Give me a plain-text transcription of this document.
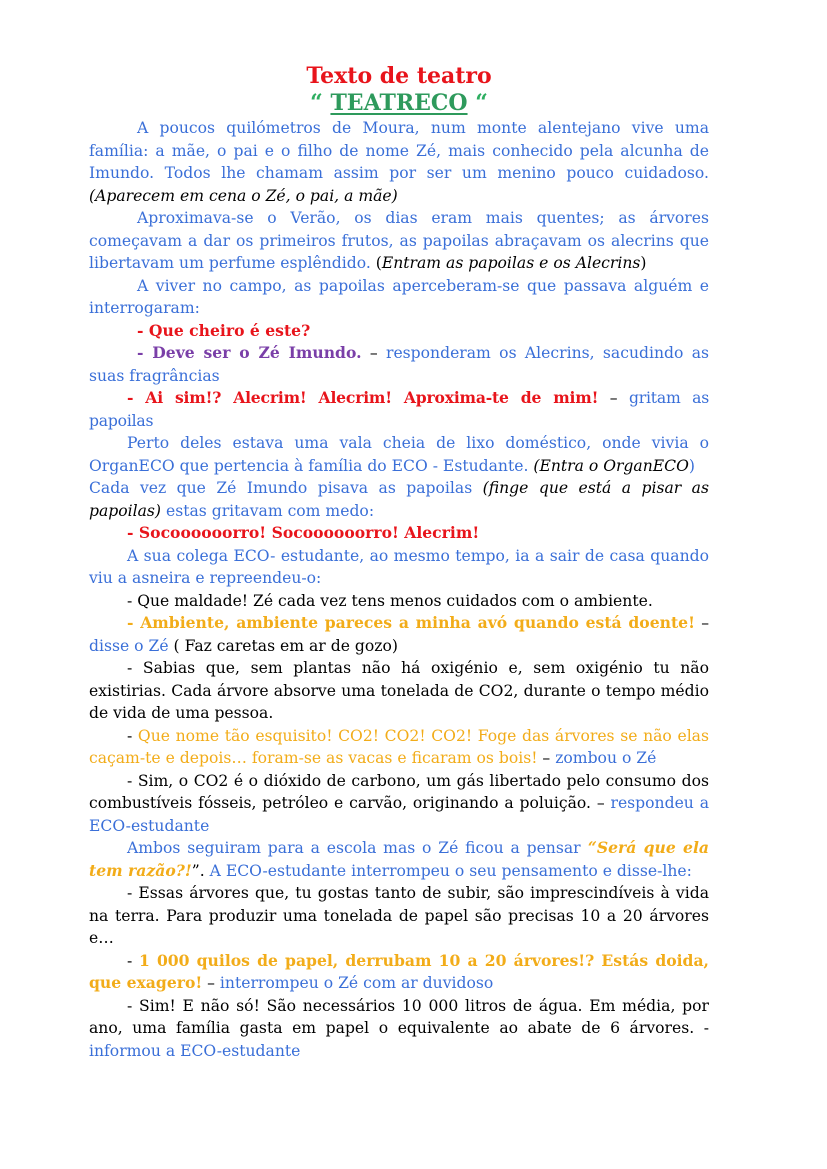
Texto de teatro
“ TEATRECO “

A poucos quilómetros de Moura, num monte alentejano vive uma família: a mãe, o pai e o filho de nome Zé, mais conhecido pela alcunha de Imundo. Todos lhe chamam assim por ser um menino pouco cuidadoso. (Aparecem em cena o Zé, o pai, a mãe)

Aproximava-se o Verão, os dias eram mais quentes; as árvores começavam a dar os primeiros frutos, as papoilas abraçavam os alecrins que libertavam um perfume esplêndido. (Entram as papoilas e os Alecrins)

A viver no campo, as papoilas aperceberam-se que passava alguém e interrogaram:

- Que cheiro é este?

- Deve ser o Zé Imundo. – responderam os Alecrins, sacudindo as suas fragrâncias

- Ai sim!? Alecrim! Alecrim! Aproxima-te de mim! – gritam as papoilas

Perto deles estava uma vala cheia de lixo doméstico, onde vivia o OrganECO que pertencia à família do ECO - Estudante. (Entra o OrganECO)

Cada vez que Zé Imundo pisava as papoilas (finge que está a pisar as papoilas) estas gritavam com medo:

- Socoooooorro! Socoooooorro! Alecrim!

A sua colega ECO- estudante, ao mesmo tempo, ia a sair de casa quando viu a asneira e repreendeu-o:

- Que maldade! Zé cada vez tens menos cuidados com o ambiente.

- Ambiente, ambiente pareces a minha avó quando está doente! – disse o Zé ( Faz caretas em ar de gozo)

- Sabias que, sem plantas não há oxigénio e, sem oxigénio tu não existirias. Cada árvore absorve uma tonelada de CO2, durante o tempo médio de vida de uma pessoa.

- Que nome tão esquisito! CO2! CO2! CO2! Foge das árvores se não elas caçam-te e depois… foram-se as vacas e ficaram os bois! – zombou o Zé

- Sim, o CO2 é o dióxido de carbono, um gás libertado pelo consumo dos combustíveis fósseis, petróleo e carvão, originando a poluição. – respondeu a ECO-estudante

Ambos seguiram para a escola mas o Zé ficou a pensar “Será que ela tem razão?!”. A ECO-estudante interrompeu o seu pensamento e disse-lhe:

- Essas árvores que, tu gostas tanto de subir, são imprescindíveis à vida na terra. Para produzir uma tonelada de papel são precisas 10 a 20 árvores e…

- 1 000 quilos de papel, derrubam 10 a 20 árvores!? Estás doida, que exagero! – interrompeu o Zé com ar duvidoso

- Sim! E não só! São necessários 10 000 litros de água. Em média, por ano, uma família gasta em papel o equivalente ao abate de 6 árvores. - informou a ECO-estudante
